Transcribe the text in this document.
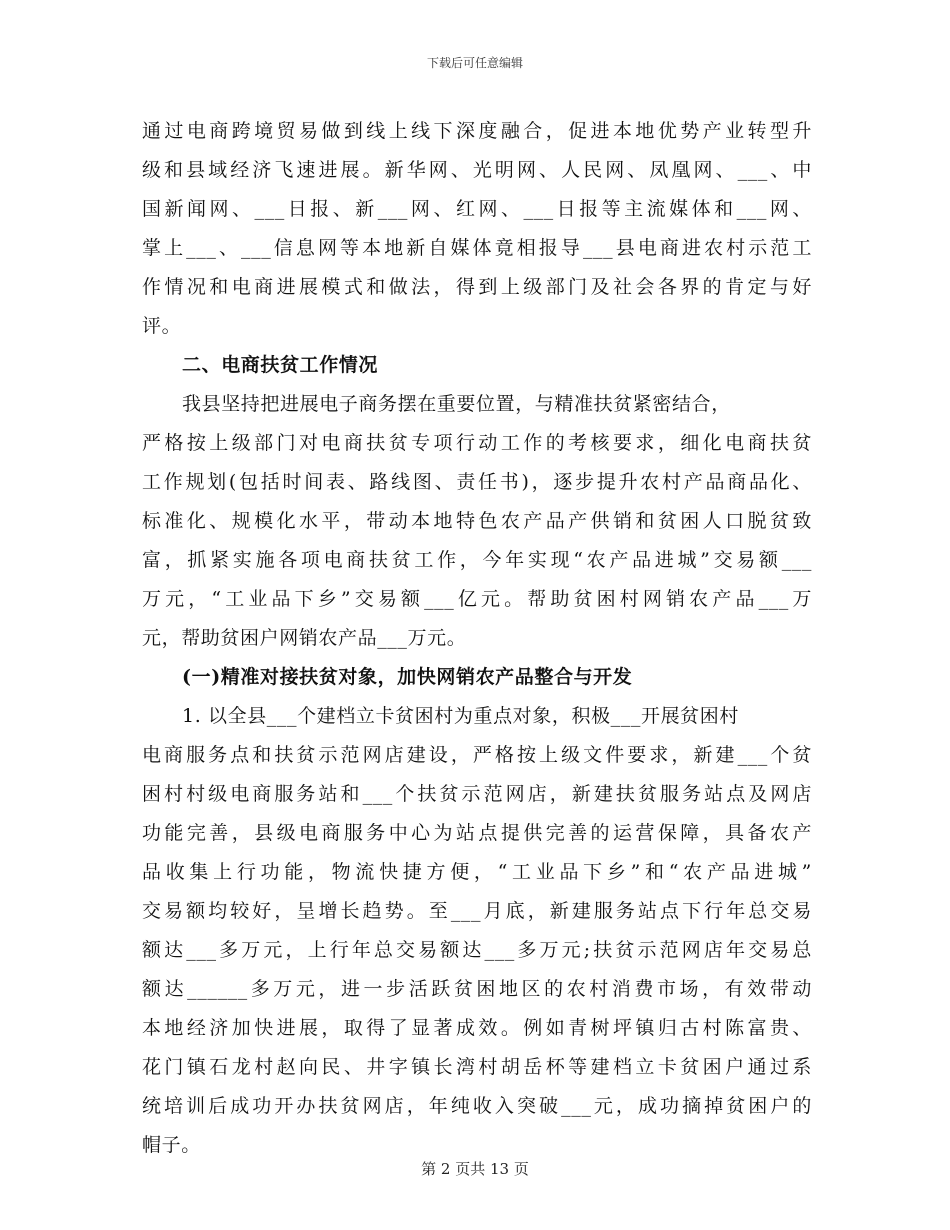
下载后可任意编辑
通过电商跨境贸易做到线上线下深度融合，促进本地优势产业转型升
级和县域经济飞速进展。新华网、光明网、人民网、凤凰网、___、中
国新闻网、___日报、新___网、红网、___日报等主流媒体和___网、
掌上___、___信息网等本地新自媒体竟相报导___县电商进农村示范工
作情况和电商进展模式和做法，得到上级部门及社会各界的肯定与好
评。
二、电商扶贫工作情况
我县坚持把进展电子商务摆在重要位置，与精准扶贫紧密结合，
严格按上级部门对电商扶贫专项行动工作的考核要求，细化电商扶贫
工作规划(包括时间表、路线图、责任书)，逐步提升农村产品商品化、
标准化、规模化水平，带动本地特色农产品产供销和贫困人口脱贫致
富，抓紧实施各项电商扶贫工作，今年实现“农产品进城”交易额___
万元，“工业品下乡”交易额___亿元。帮助贫困村网销农产品___万
元，帮助贫困户网销农产品___万元。
(一)精准对接扶贫对象，加快网销农产品整合与开发
1. 以全县___个建档立卡贫困村为重点对象，积极___开展贫困村
电商服务点和扶贫示范网店建设，严格按上级文件要求，新建___个贫
困村村级电商服务站和___个扶贫示范网店，新建扶贫服务站点及网店
功能完善，县级电商服务中心为站点提供完善的运营保障，具备农产
品收集上行功能，物流快捷方便，“工业品下乡”和“农产品进城”
交易额均较好，呈增长趋势。至___月底，新建服务站点下行年总交易
额达___多万元，上行年总交易额达___多万元;扶贫示范网店年交易总
额达______多万元，进一步活跃贫困地区的农村消费市场，有效带动
本地经济加快进展，取得了显著成效。例如青树坪镇归古村陈富贵、
花门镇石龙村赵向民、井字镇长湾村胡岳杯等建档立卡贫困户通过系
统培训后成功开办扶贫网店，年纯收入突破___元，成功摘掉贫困户的
帽子。
第 2 页共 13 页
